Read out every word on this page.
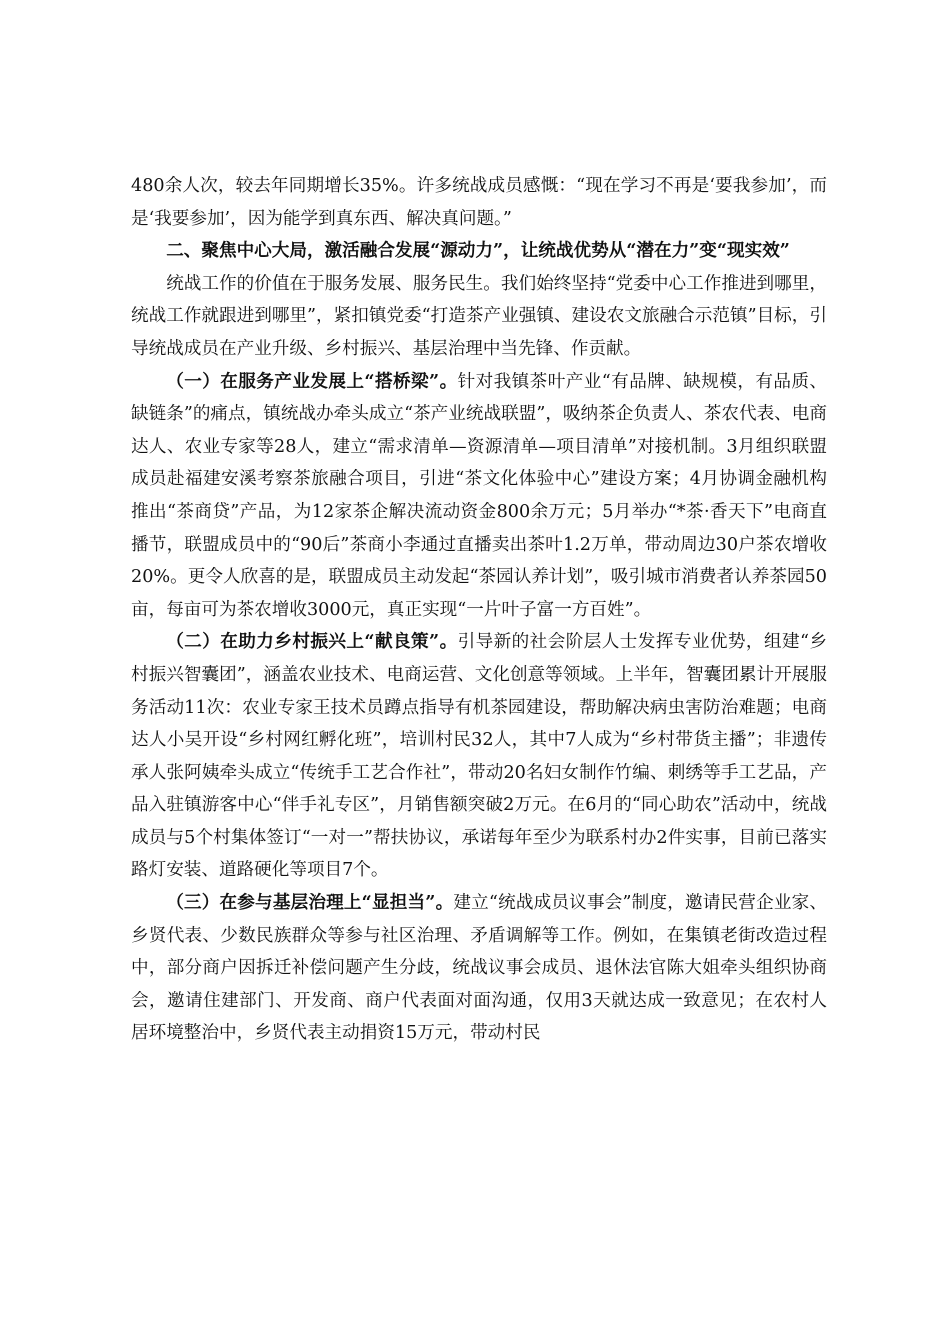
480余人次，较去年同期增长35%。许多统战成员感慨：“现在学习不再是‘要我参加’，而是‘我要参加’，因为能学到真东西、解决真问题。”

二、聚焦中心大局，激活融合发展“源动力”，让统战优势从“潜在力”变“现实效”

统战工作的价值在于服务发展、服务民生。我们始终坚持“党委中心工作推进到哪里，统战工作就跟进到哪里”，紧扣镇党委“打造茶产业强镇、建设农文旅融合示范镇”目标，引导统战成员在产业升级、乡村振兴、基层治理中当先锋、作贡献。

（一）在服务产业发展上“搭桥梁”。针对我镇茶叶产业“有品牌、缺规模，有品质、缺链条”的痛点，镇统战办牵头成立“茶产业统战联盟”，吸纳茶企负责人、茶农代表、电商达人、农业专家等28人，建立“需求清单—资源清单—项目清单”对接机制。3月组织联盟成员赴福建安溪考察茶旅融合项目，引进“茶文化体验中心”建设方案；4月协调金融机构推出“茶商贷”产品，为12家茶企解决流动资金800余万元；5月举办“*茶·香天下”电商直播节，联盟成员中的“90后”茶商小李通过直播卖出茶叶1.2万单，带动周边30户茶农增收20%。更令人欣喜的是，联盟成员主动发起“茶园认养计划”，吸引城市消费者认养茶园50亩，每亩可为茶农增收3000元，真正实现“一片叶子富一方百姓”。

（二）在助力乡村振兴上“献良策”。引导新的社会阶层人士发挥专业优势，组建“乡村振兴智囊团”，涵盖农业技术、电商运营、文化创意等领域。上半年，智囊团累计开展服务活动11次：农业专家王技术员蹲点指导有机茶园建设，帮助解决病虫害防治难题；电商达人小吴开设“乡村网红孵化班”，培训村民32人，其中7人成为“乡村带货主播”；非遗传承人张阿姨牵头成立“传统手工艺合作社”，带动20名妇女制作竹编、刺绣等手工艺品，产品入驻镇游客中心“伴手礼专区”，月销售额突破2万元。在6月的“同心助农”活动中，统战成员与5个村集体签订“一对一”帮扶协议，承诺每年至少为联系村办2件实事，目前已落实路灯安装、道路硬化等项目7个。

（三）在参与基层治理上“显担当”。建立“统战成员议事会”制度，邀请民营企业家、乡贤代表、少数民族群众等参与社区治理、矛盾调解等工作。例如，在集镇老街改造过程中，部分商户因拆迁补偿问题产生分歧，统战议事会成员、退休法官陈大姐牵头组织协商会，邀请住建部门、开发商、商户代表面对面沟通，仅用3天就达成一致意见；在农村人居环境整治中，乡贤代表主动捐资15万元，带动村民
